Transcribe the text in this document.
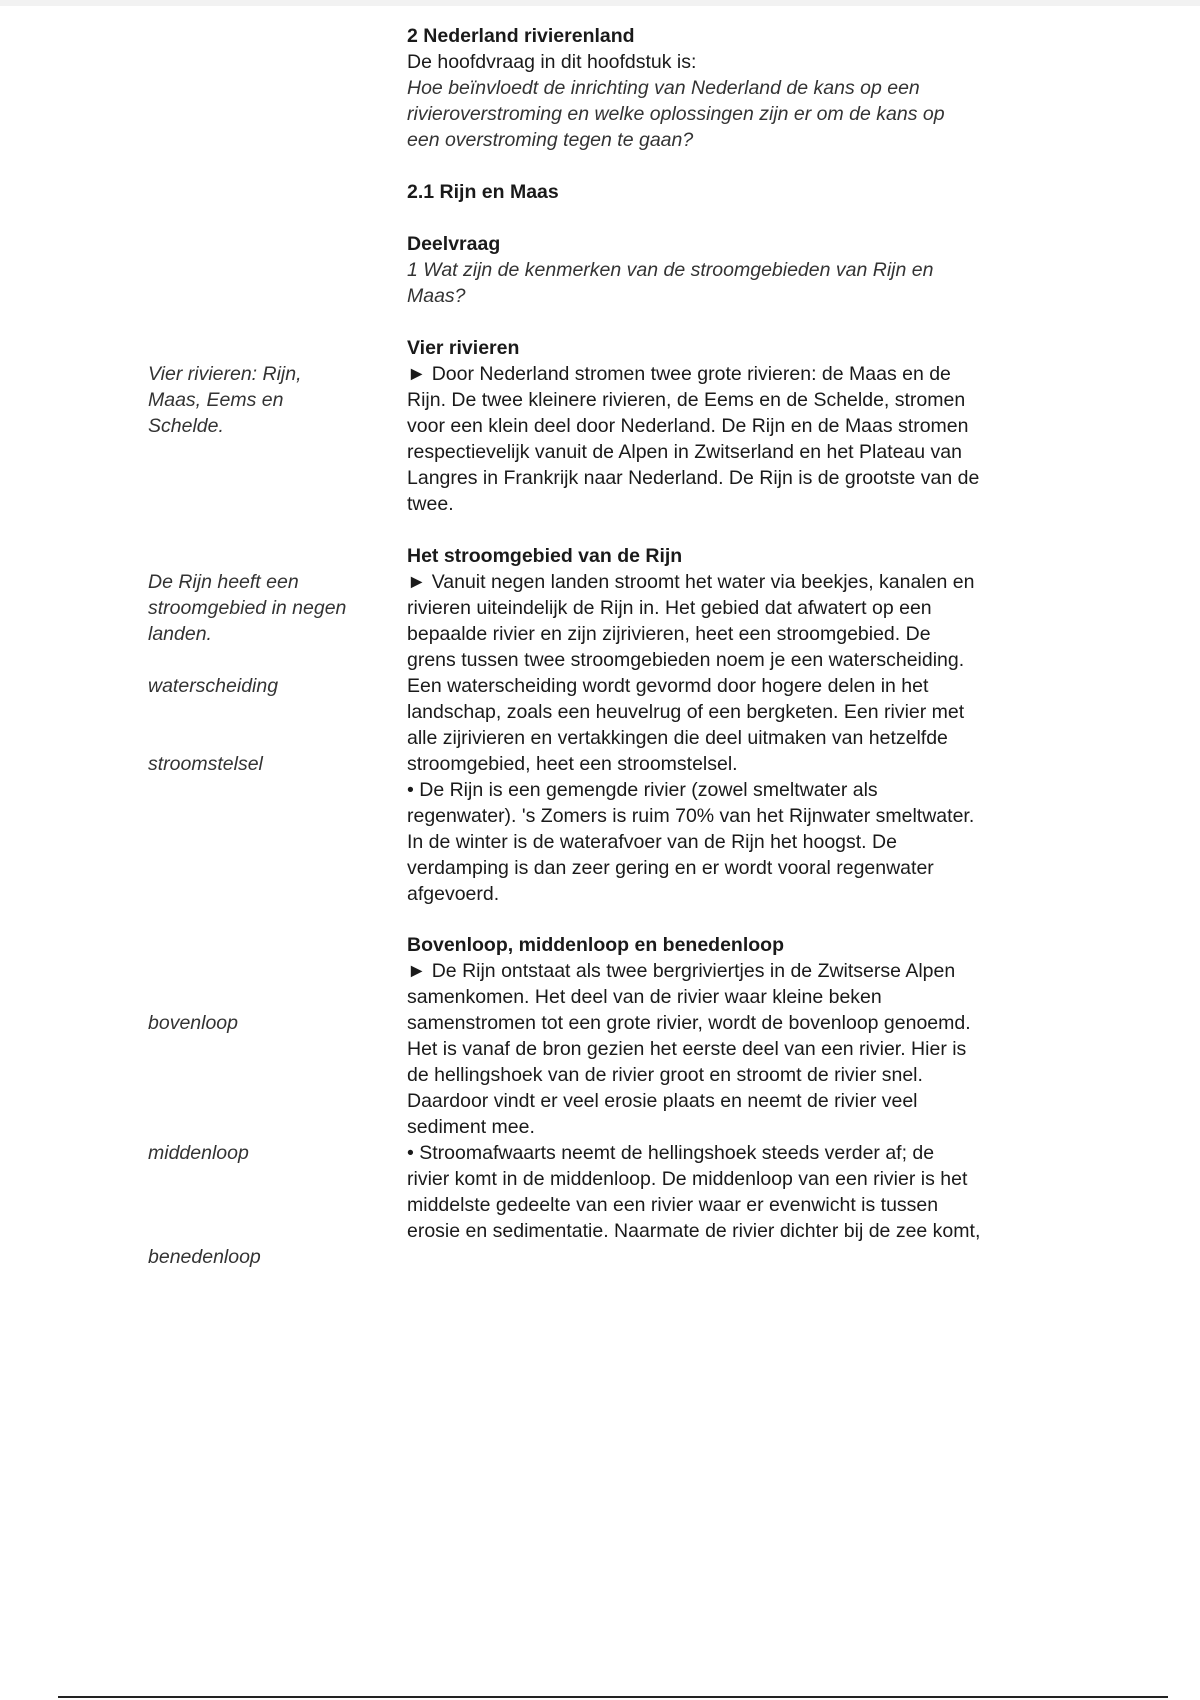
2 Nederland rivierenland
De hoofdvraag in dit hoofdstuk is:
Hoe beïnvloedt de inrichting van Nederland de kans op een
rivieroverstroming en welke oplossingen zijn er om de kans op
een overstroming tegen te gaan?
2.1 Rijn en Maas
Deelvraag
1 Wat zijn de kenmerken van de stroomgebieden van Rijn en
Maas?
Vier rivieren
► Door Nederland stromen twee grote rivieren: de Maas en de
Rijn. De twee kleinere rivieren, de Eems en de Schelde, stromen
voor een klein deel door Nederland. De Rijn en de Maas stromen
respectievelijk vanuit de Alpen in Zwitserland en het Plateau van
Langres in Frankrijk naar Nederland. De Rijn is de grootste van de
twee.
Het stroomgebied van de Rijn
► Vanuit negen landen stroomt het water via beekjes, kanalen en
rivieren uiteindelijk de Rijn in. Het gebied dat afwatert op een
bepaalde rivier en zijn zijrivieren, heet een stroomgebied. De
grens tussen twee stroomgebieden noem je een waterscheiding.
Een waterscheiding wordt gevormd door hogere delen in het
landschap, zoals een heuvelrug of een bergketen. Een rivier met
alle zijrivieren en vertakkingen die deel uitmaken van hetzelfde
stroomgebied, heet een stroomstelsel.
• De Rijn is een gemengde rivier (zowel smeltwater als
regenwater). 's Zomers is ruim 70% van het Rijnwater smeltwater.
In de winter is de waterafvoer van de Rijn het hoogst. De
verdamping is dan zeer gering en er wordt vooral regenwater
afgevoerd.
Bovenloop, middenloop en benedenloop
► De Rijn ontstaat als twee bergriviertjes in de Zwitserse Alpen
samenkomen. Het deel van de rivier waar kleine beken
samenstromen tot een grote rivier, wordt de bovenloop genoemd.
Het is vanaf de bron gezien het eerste deel van een rivier. Hier is
de hellingshoek van de rivier groot en stroomt de rivier snel.
Daardoor vindt er veel erosie plaats en neemt de rivier veel
sediment mee.
• Stroomafwaarts neemt de hellingshoek steeds verder af; de
rivier komt in de middenloop. De middenloop van een rivier is het
middelste gedeelte van een rivier waar er evenwicht is tussen
erosie en sedimentatie. Naarmate de rivier dichter bij de zee komt,
Vier rivieren: Rijn,
Maas, Eems en
Schelde.
De Rijn heeft een
stroomgebied in negen
landen.
waterscheiding
stroomstelsel
bovenloop
middenloop
benedenloop
